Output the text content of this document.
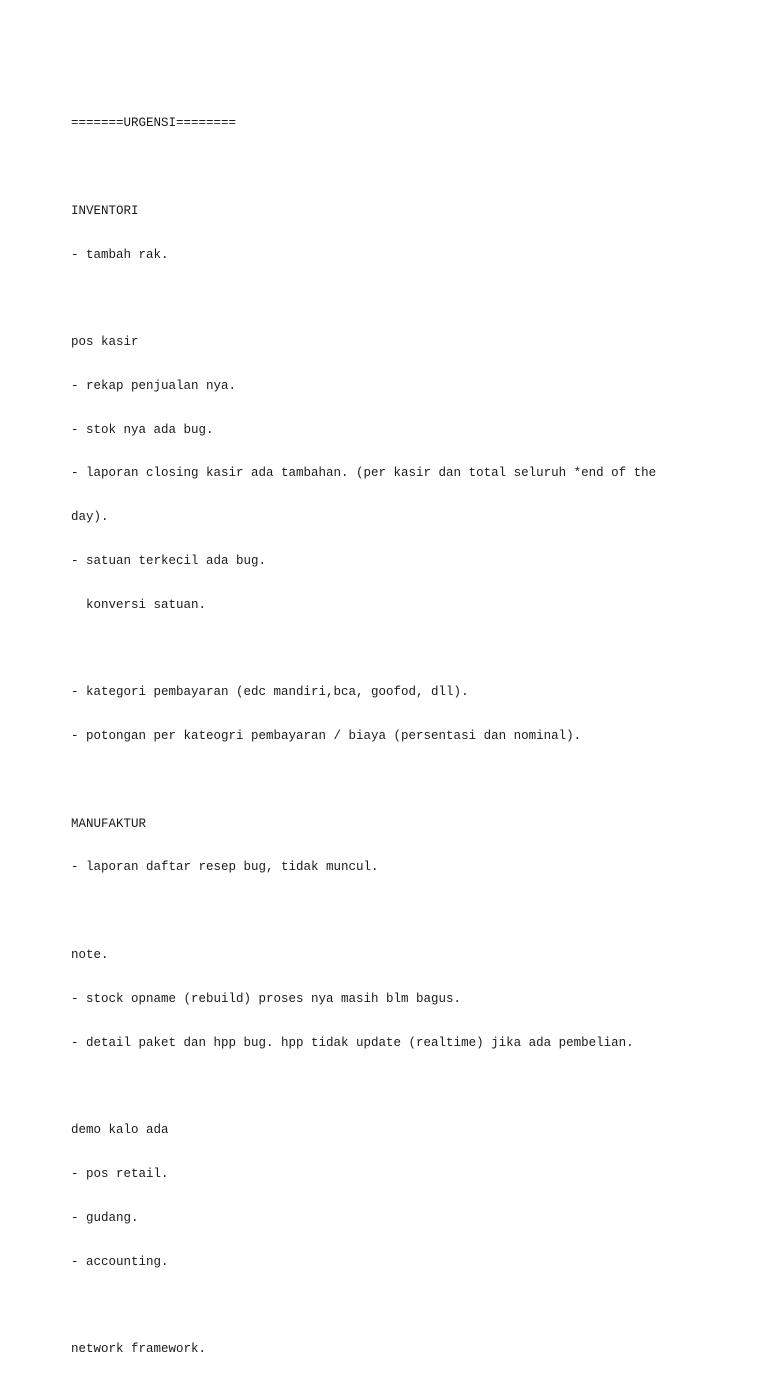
=======URGENSI========

INVENTORI

- tambah rak.

pos kasir

- rekap penjualan nya.

- stok nya ada bug.

- laporan closing kasir ada tambahan. (per kasir dan total seluruh *end of the

day).

- satuan terkecil ada bug.

konversi satuan.

- kategori pembayaran (edc mandiri,bca, goofod, dll).

- potongan per kateogri pembayaran / biaya (persentasi dan nominal).

MANUFAKTUR

- laporan daftar resep bug, tidak muncul.

note.

- stock opname (rebuild) proses nya masih blm bagus.

- detail paket dan hpp bug. hpp tidak update (realtime) jika ada pembelian.

demo kalo ada

- pos retail.

- gudang.

- accounting.

network framework.
